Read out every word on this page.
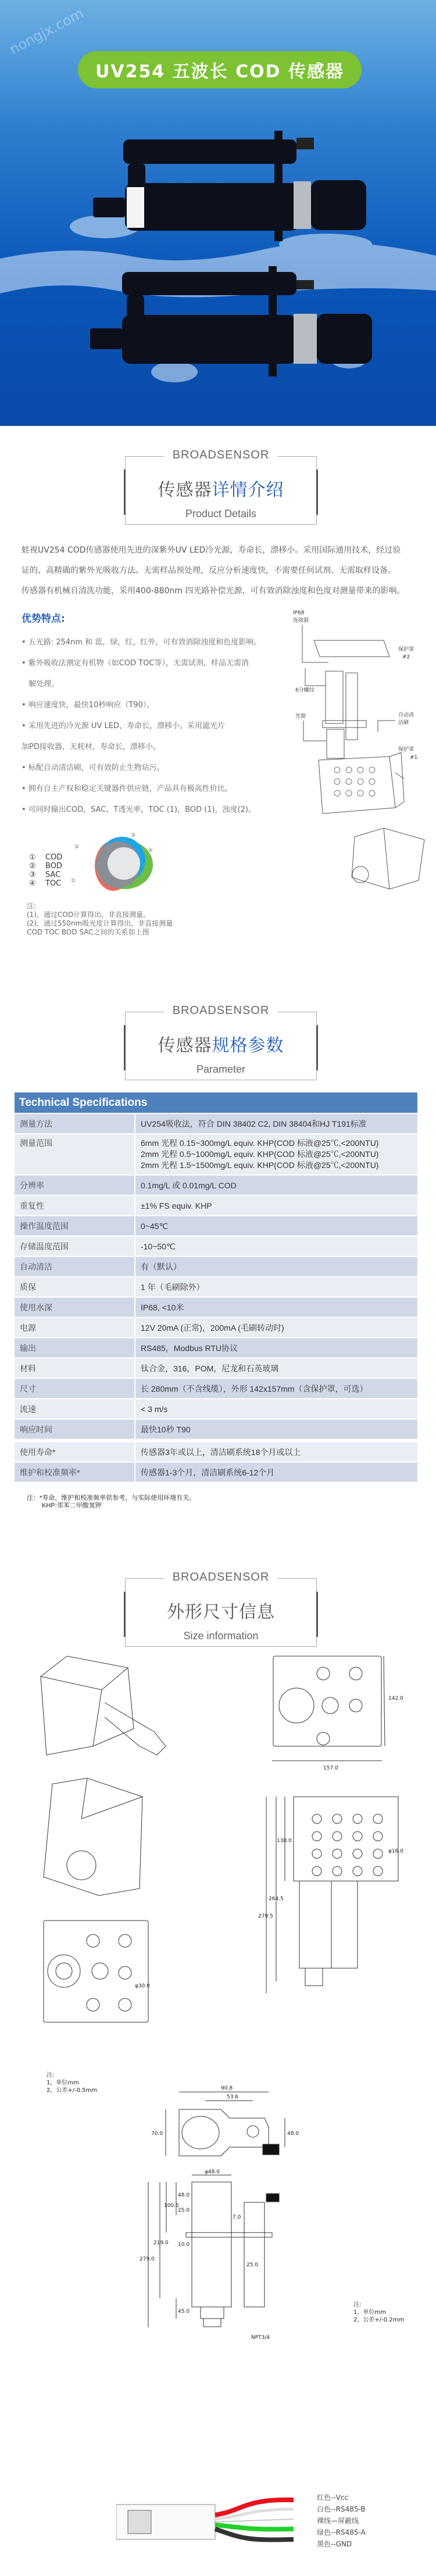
nongjx.com
UV254 五波长 COD 传感器
BROADSENSOR
传感器详情介绍
Product Details
蛙视UV254 COD传感器使用先进的深紫外UV LED冷光源，寿命长，漂移小。采用国际通用技术，经过验
证的、高精确的紫外光吸收方法。无需样品预处理，反应分析速度快，不需要任何试剂、无需取样设备。
传感器有机械自清洗功能，采用400-880nm 四光路补偿光源，可有效消除浊度和色度对测量带来的影响。
优势特点:
• 五光路: 254nm 和 蓝，绿，红，红外，可有效消除浊度和色度影响。
• 紫外吸收法测定有机物（如COD TOC等），无需试剂，样品无需消
解处理。
• 响应速度快，最快10秒响应（T90）。
• 采用先进的冷光源 UV LED，寿命长，漂移小。采用滤光片
加PD接收器，无耗材，寿命长，漂移小。
• 标配自动清洁刷，可有效防止生物玷污。
• 拥有自主产权和稳定关键器件供应链，产品具有极高性价比。
• 可同时输出COD，SAC，T透光率，TOC (1)，BOD (1)，浊度(2)。
IP68
连接器
保护罩
#2
6分螺纹
光窗	自动清
洁刷
保护罩
#1
① COD
② BOD
③ SAC
④ TOC ①
②
③
④
注:
(1)，通过COD计算得出，非直接测量。
(2)，通过550nm吸光度计算得出，非直接测量
COD TOC BOD SAC之间的关系如上图
BROADSENSOR
传感器规格参数
Parameter
Technical Specifications	
测量方法	UV254吸收法，符合 DIN 38402 C2, DIN 38404和HJ T191标准

测量范围	6mm 光程 0.15~300mg/L equiv. KHP(COD 标液@25℃,<200NTU)
2mm 光程 0.5~1000mg/L equiv. KHP(COD 标液@25℃,<200NTU)
2mm 光程 1.5~1500mg/L equiv. KHP(COD 标液@25℃,<200NTU)

分辨率	0.1mg/L 或 0.01mg/L COD

重复性	±1% FS equiv. KHP

操作温度范围	0~45℃

存储温度范围	-10~50℃

自动清洁	有（默认）

质保	1 年（毛刷除外）

使用水深	IP68, <10米

电源	12V 20mA (正常)，200mA (毛刷转动时)

输出	RS485，Modbus RTU协议

材料	钛合金，316，POM，尼龙和石英玻璃

尺寸	长 280mm（不含线缆），外形 142x157mm（含保护罩，可选）

流速	< 3 m/s

响应时间	最快10秒 T90

使用寿命*	传感器3年或以上，清洁刷系统18个月或以上

维护和校准频率*	传感器1-3个月，清洁刷系统6-12个月
注：*寿命，维护和校准频率供参考，与实际使用环境有关。
KHP:邻苯二甲酸氢钾
BROADSENSOR
外形尺寸信息
Size information
157.0
142.0
130.0
264.5
279.5
φ16.0
φ30.0
注:
1，单位mm
2，公差+/-0.5mm	90.8
53.6
70.0	48.0
φ48.0
48.0
25.0
100.5
7.0
219.0 10.0
279.0
25.0
45.0
NPT3/4
注:
1，单位mm
2，公差+/-0.2mm
红色--Vcc
白色--RS485-B
裸线—屏蔽线
绿色--RS485-A
黑色--GND
